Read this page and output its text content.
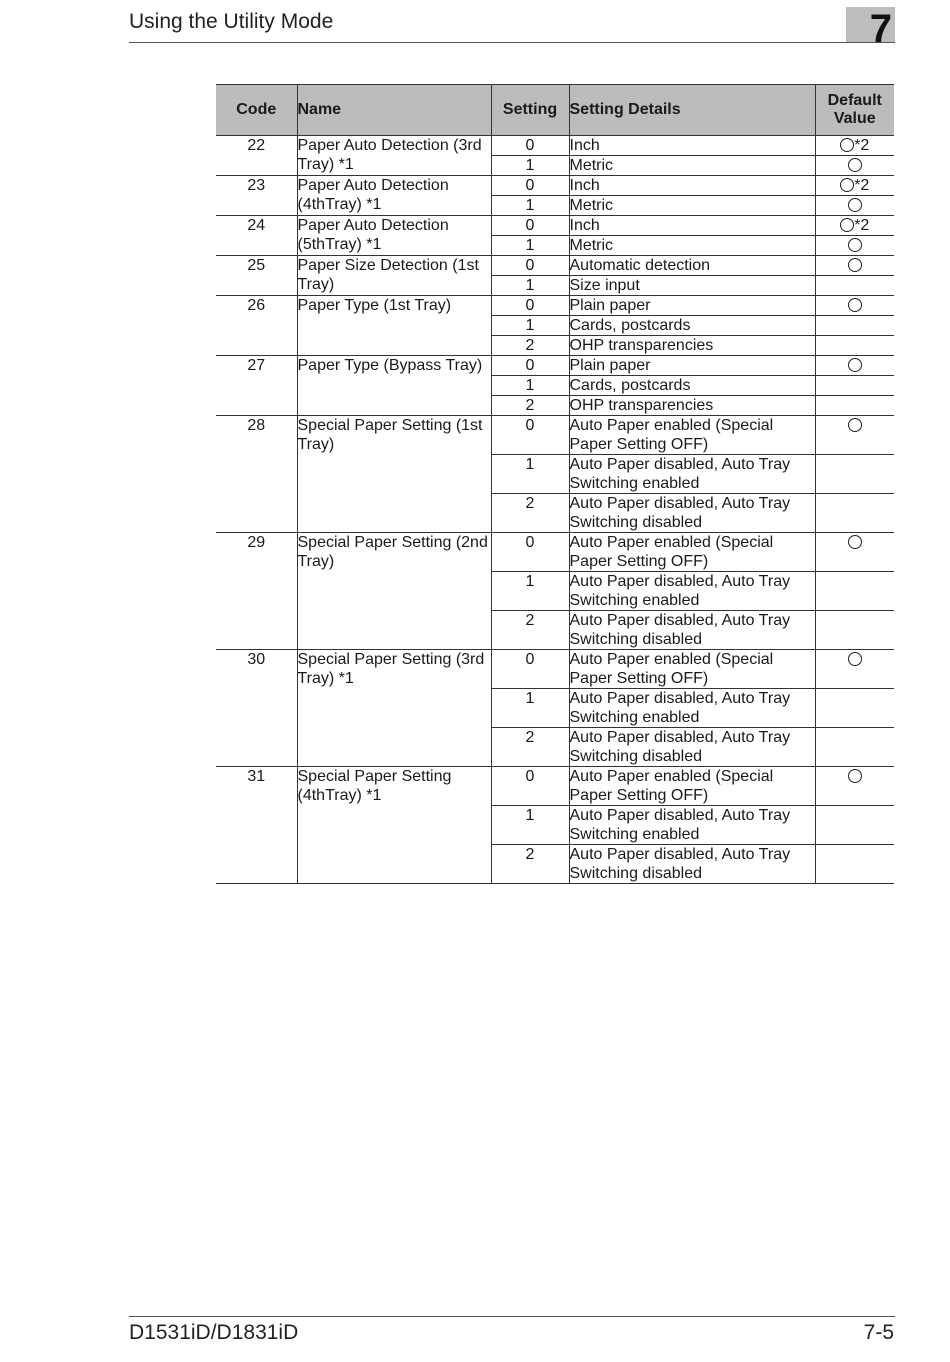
Using the Utility Mode	7
Code	Name	Setting	Setting Details	Default Value
22	Paper Auto Detection (3rd Tray) *1	0	Inch	*2
		1	Metric	
23	Paper Auto Detection (4thTray) *1	0	Inch	*2
		1	Metric	
24	Paper Auto Detection (5thTray) *1	0	Inch	*2
		1	Metric	
25	Paper Size Detection (1st Tray)	0	Automatic detection	
		1	Size input	
26	Paper Type (1st Tray)	0	Plain paper	
		1	Cards, postcards	
		2	OHP transparencies	
27	Paper Type (Bypass Tray)	0	Plain paper	
		1	Cards, postcards	
		2	OHP transparencies	
28	Special Paper Setting (1st Tray)	0	Auto Paper enabled (Special Paper Setting OFF)	
		1	Auto Paper disabled, Auto Tray Switching enabled	
		2	Auto Paper disabled, Auto Tray Switching disabled	
29	Special Paper Setting (2nd Tray)	0	Auto Paper enabled (Special Paper Setting OFF)	
		1	Auto Paper disabled, Auto Tray Switching enabled	
		2	Auto Paper disabled, Auto Tray Switching disabled	
30	Special Paper Setting (3rd Tray) *1	0	Auto Paper enabled (Special Paper Setting OFF)	
		1	Auto Paper disabled, Auto Tray Switching enabled	
		2	Auto Paper disabled, Auto Tray Switching disabled	
31	Special Paper Setting (4thTray) *1	0	Auto Paper enabled (Special Paper Setting OFF)	
		1	Auto Paper disabled, Auto Tray Switching enabled	
		2	Auto Paper disabled, Auto Tray Switching disabled	
D1531iD/D1831iD	7-5
